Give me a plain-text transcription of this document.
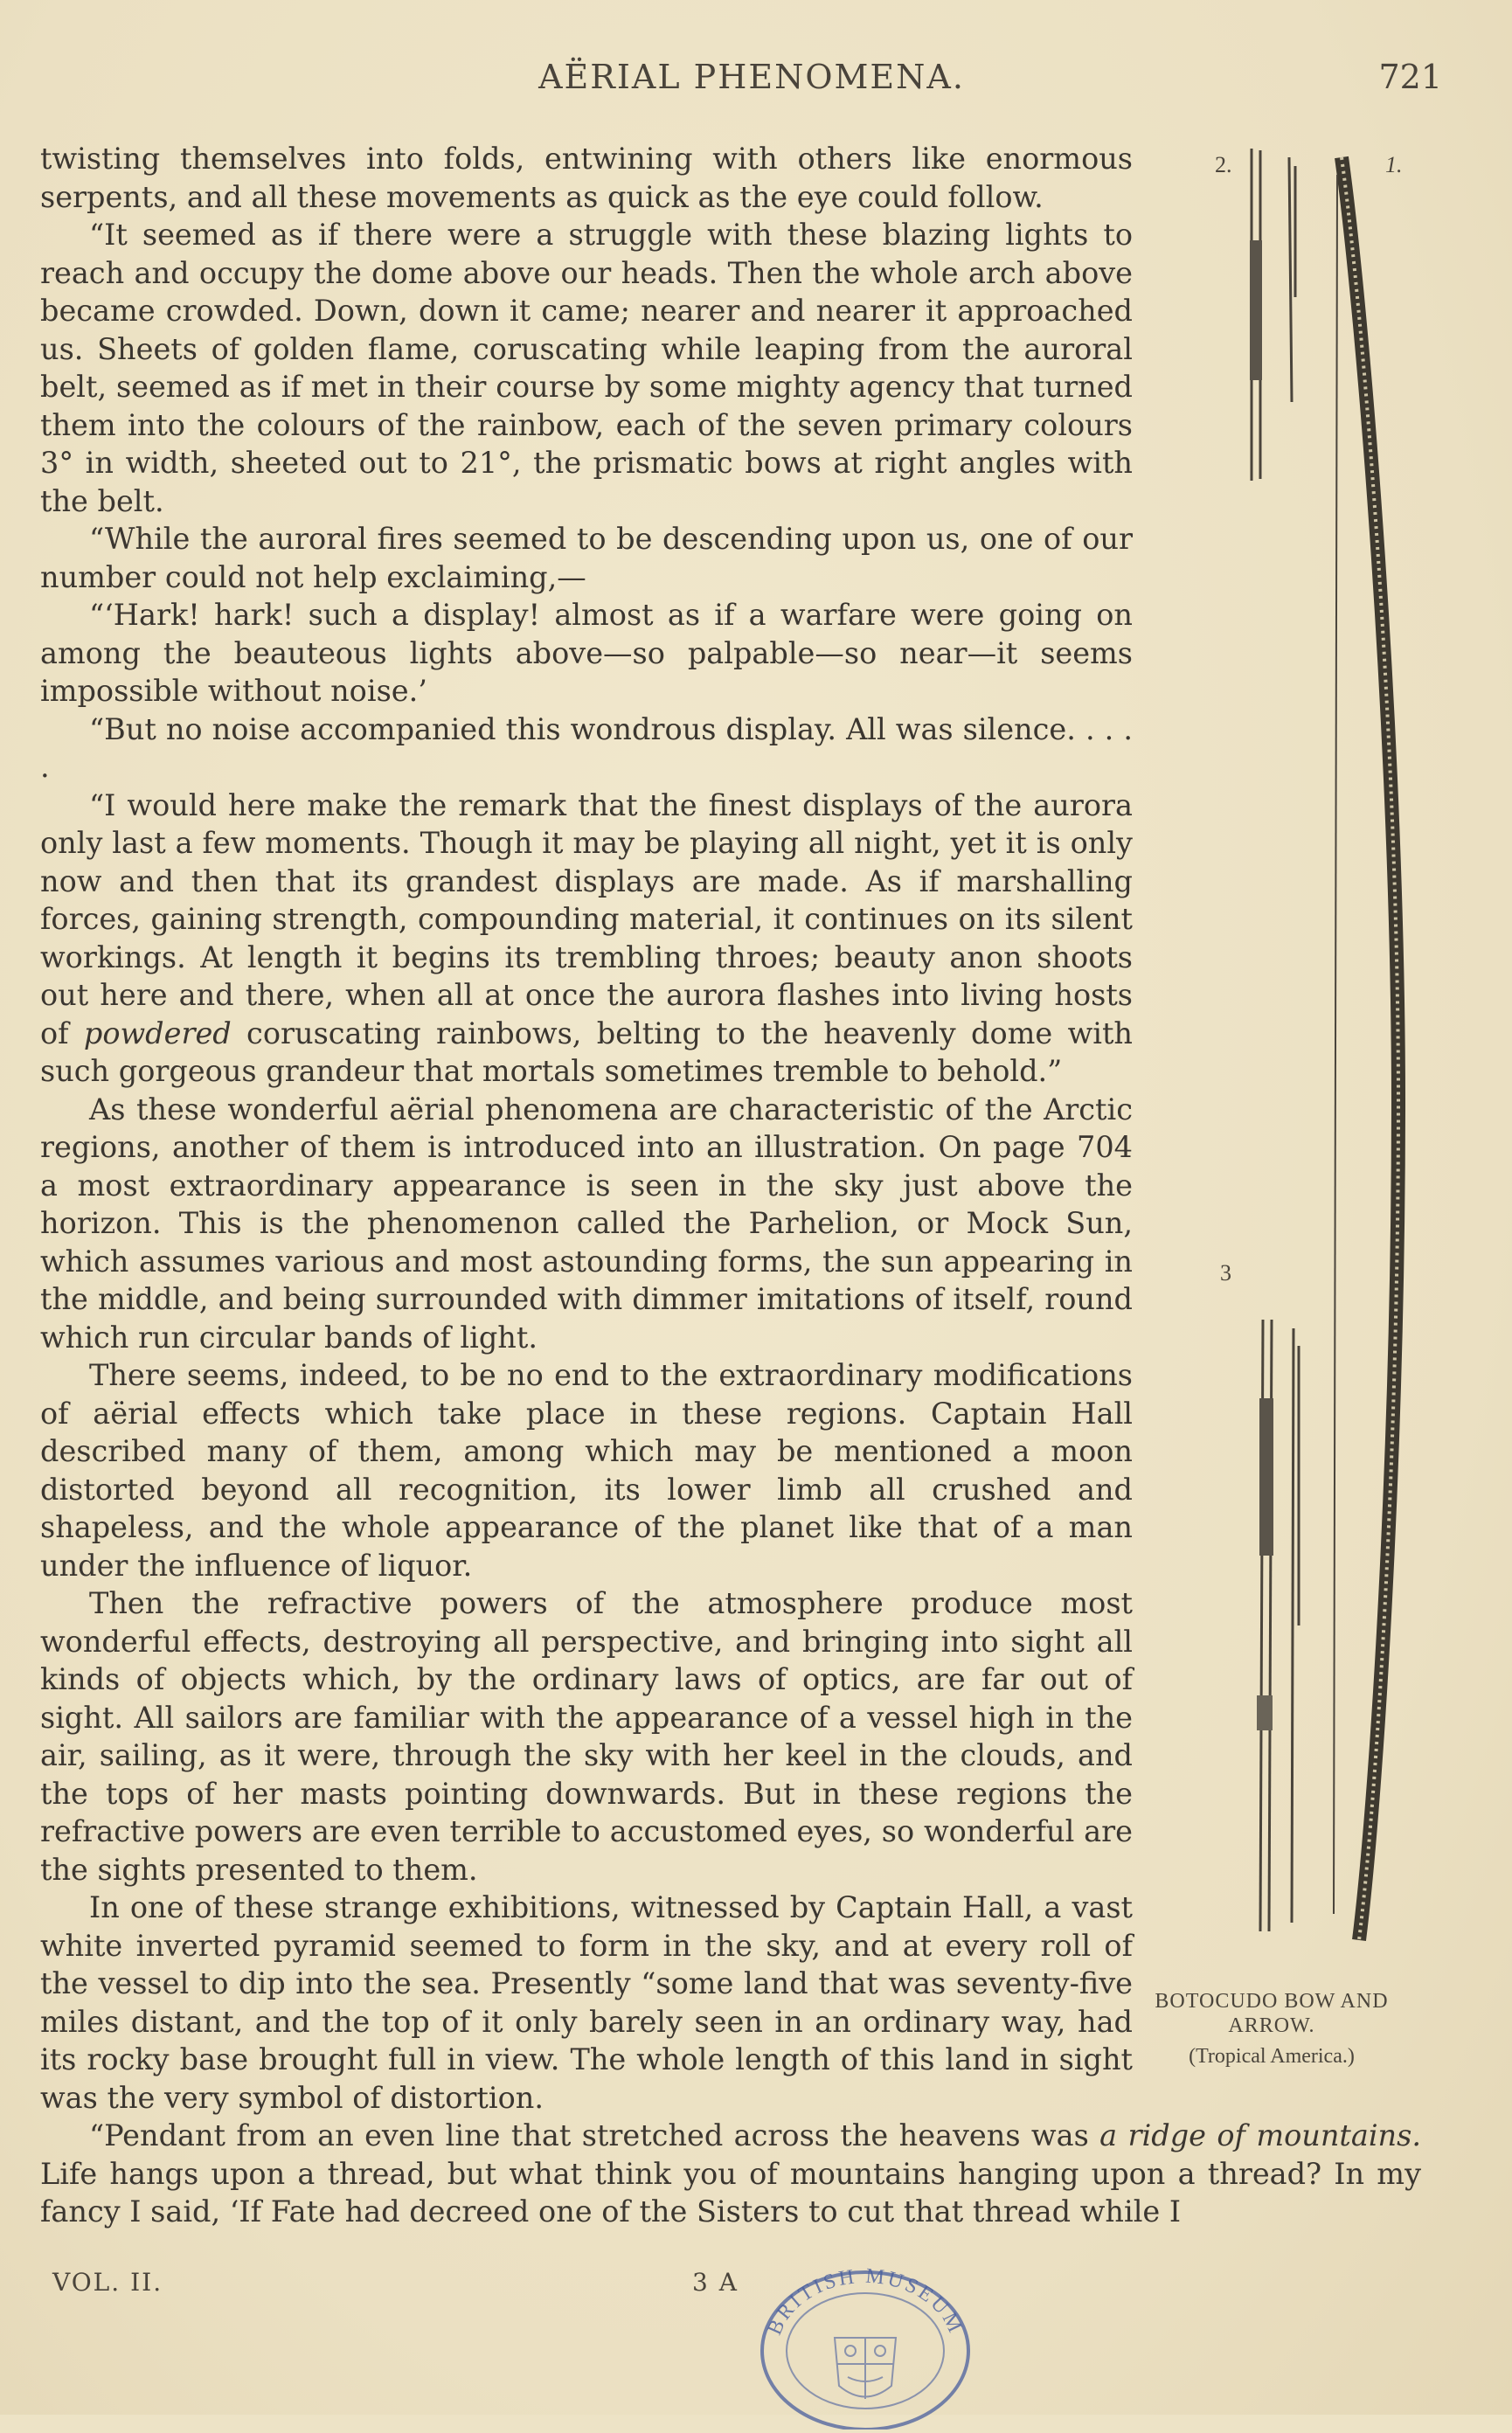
AËRIAL PHENOMENA.	721

twisting themselves into folds, entwining with others like enormous serpents, and all these movements as quick as the eye could follow.

“It seemed as if there were a struggle with these blazing lights to reach and occupy the dome above our heads. Then the whole arch above became crowded. Down, down it came; nearer and nearer it approached us. Sheets of golden flame, coruscating while leaping from the auroral belt, seemed as if met in their course by some mighty agency that turned them into the colours of the rainbow, each of the seven primary colours 3° in width, sheeted out to 21°, the prismatic bows at right angles with the belt.

“While the auroral fires seemed to be descending upon us, one of our number could not help exclaiming,—

“‘Hark! hark! such a display! almost as if a warfare were going on among the beauteous lights above—so palpable—so near—it seems impossible without noise.’

“But no noise accompanied this wondrous display. All was silence. . . . .

“I would here make the remark that the finest displays of the aurora only last a few moments. Though it may be playing all night, yet it is only now and then that its grandest displays are made. As if marshalling forces, gaining strength, compounding material, it continues on its silent workings. At length it begins its trembling throes; beauty anon shoots out here and there, when all at once the aurora flashes into living hosts of powdered coruscating rainbows, belting to the heavenly dome with such gorgeous grandeur that mortals sometimes tremble to behold.”

As these wonderful aërial phenomena are characteristic of the Arctic regions, another of them is introduced into an illustration. On page 704 a most extraordinary appearance is seen in the sky just above the horizon. This is the phenomenon called the Parhelion, or Mock Sun, which assumes various and most astounding forms, the sun appearing in the middle, and being surrounded with dimmer imitations of itself, round which run circular bands of light.

There seems, indeed, to be no end to the extraordinary modifications of aërial effects which take place in these regions. Captain Hall described many of them, among which may be mentioned a moon distorted beyond all recognition, its lower limb all crushed and shapeless, and the whole appearance of the planet like that of a man under the influence of liquor.

Then the refractive powers of the atmosphere produce most wonderful effects, destroying all perspective, and bringing into sight all kinds of objects which, by the ordinary laws of optics, are far out of sight. All sailors are familiar with the appearance of a vessel high in the air, sailing, as it were, through the sky with her keel in the clouds, and the tops of her masts pointing downwards. But in these regions the refractive powers are even terrible to accustomed eyes, so wonderful are the sights presented to them.

In one of these strange exhibitions, witnessed by Captain Hall, a vast white inverted pyramid seemed to form in the sky, and at every roll of the vessel to dip into the sea. Presently “some land that was seventy-five miles distant, and the top of it only barely seen in an ordinary way, had its rocky base brought full in view. The whole length of this land in sight was the very symbol of distortion.

“Pendant from an even line that stretched across the heavens was a ridge of mountains. Life hangs upon a thread, but what think you of mountains hanging upon a thread? In my fancy I said, ‘If Fate had decreed one of the Sisters to cut that thread while I

2.	1.
3
BOTOCUDO BOW AND ARROW.
(Tropical America.)
VOL. II.	3 A
BRITISH MUSEUM
